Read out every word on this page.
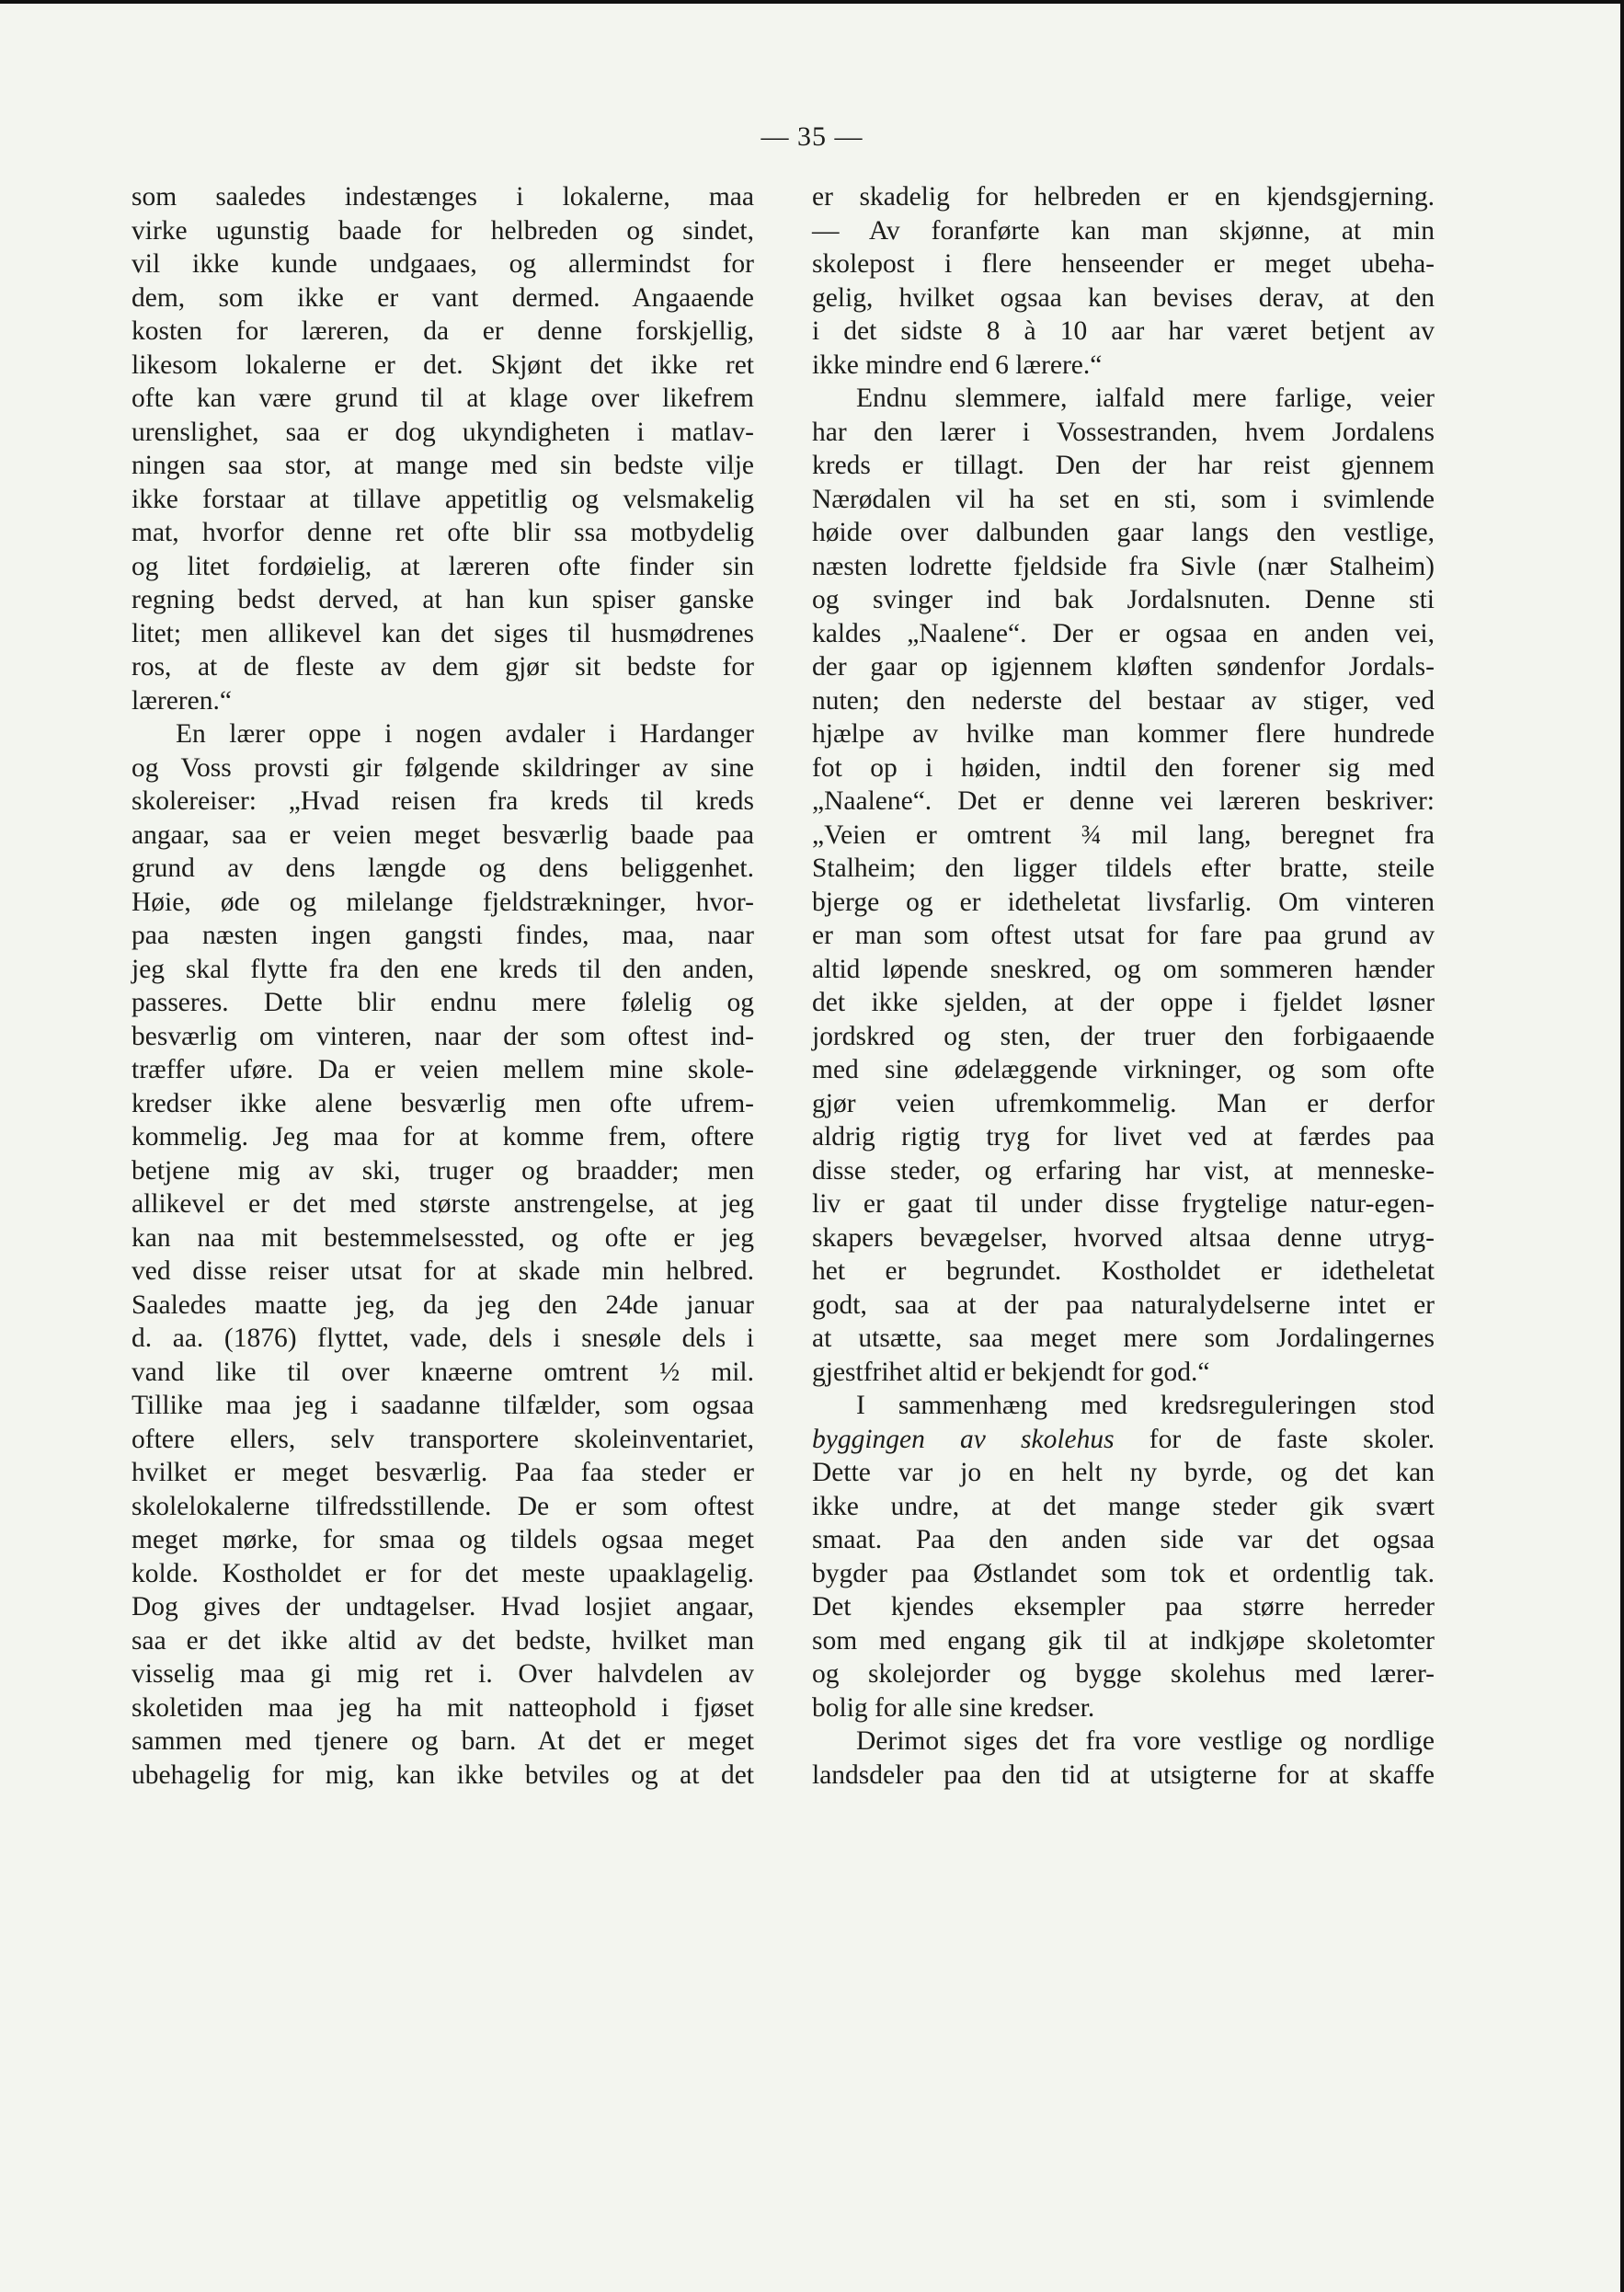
— 35 —
som saaledes indestænges i lokalerne, maa
virke ugunstig baade for helbreden og sindet,
vil ikke kunde undgaaes, og allermindst for
dem, som ikke er vant dermed. Angaaende
kosten for læreren, da er denne forskjellig,
likesom lokalerne er det. Skjønt det ikke ret
ofte kan være grund til at klage over likefrem
urenslighet, saa er dog ukyndigheten i matlav-
ningen saa stor, at mange med sin bedste vilje
ikke forstaar at tillave appetitlig og velsmakelig
mat, hvorfor denne ret ofte blir ssa motbydelig
og litet fordøielig, at læreren ofte finder sin
regning bedst derved, at han kun spiser ganske
litet; men allikevel kan det siges til husmødrenes
ros, at de fleste av dem gjør sit bedste for
læreren.“
En lærer oppe i nogen avdaler i Hardanger
og Voss provsti gir følgende skildringer av sine
skolereiser: „Hvad reisen fra kreds til kreds
angaar, saa er veien meget besværlig baade paa
grund av dens længde og dens beliggenhet.
Høie, øde og milelange fjeldstrækninger, hvor-
paa næsten ingen gangsti findes, maa, naar
jeg skal flytte fra den ene kreds til den anden,
passeres. Dette blir endnu mere følelig og
besværlig om vinteren, naar der som oftest ind-
træffer uføre. Da er veien mellem mine skole-
kredser ikke alene besværlig men ofte ufrem-
kommelig. Jeg maa for at komme frem, oftere
betjene mig av ski, truger og braadder; men
allikevel er det med største anstrengelse, at jeg
kan naa mit bestemmelsessted, og ofte er jeg
ved disse reiser utsat for at skade min helbred.
Saaledes maatte jeg, da jeg den 24de januar
d. aa. (1876) flyttet, vade, dels i snesøle dels i
vand like til over knæerne omtrent ½ mil.
Tillike maa jeg i saadanne tilfælder, som ogsaa
oftere ellers, selv transportere skoleinventariet,
hvilket er meget besværlig. Paa faa steder er
skolelokalerne tilfredsstillende. De er som oftest
meget mørke, for smaa og tildels ogsaa meget
kolde. Kostholdet er for det meste upaaklagelig.
Dog gives der undtagelser. Hvad losjiet angaar,
saa er det ikke altid av det bedste, hvilket man
visselig maa gi mig ret i. Over halvdelen av
skoletiden maa jeg ha mit natteophold i fjøset
sammen med tjenere og barn. At det er meget
ubehagelig for mig, kan ikke betviles og at det
er skadelig for helbreden er en kjendsgjerning.
— Av foranførte kan man skjønne, at min
skolepost i flere henseender er meget ubeha-
gelig, hvilket ogsaa kan bevises derav, at den
i det sidste 8 à 10 aar har været betjent av
ikke mindre end 6 lærere.“
Endnu slemmere, ialfald mere farlige, veier
har den lærer i Vossestranden, hvem Jordalens
kreds er tillagt. Den der har reist gjennem
Nærødalen vil ha set en sti, som i svimlende
høide over dalbunden gaar langs den vestlige,
næsten lodrette fjeldside fra Sivle (nær Stalheim)
og svinger ind bak Jordalsnuten. Denne sti
kaldes „Naalene“. Der er ogsaa en anden vei,
der gaar op igjennem kløften søndenfor Jordals-
nuten; den nederste del bestaar av stiger, ved
hjælpe av hvilke man kommer flere hundrede
fot op i høiden, indtil den forener sig med
„Naalene“. Det er denne vei læreren beskriver:
„Veien er omtrent ¾ mil lang, beregnet fra
Stalheim; den ligger tildels efter bratte, steile
bjerge og er idetheletat livsfarlig. Om vinteren
er man som oftest utsat for fare paa grund av
altid løpende sneskred, og om sommeren hænder
det ikke sjelden, at der oppe i fjeldet løsner
jordskred og sten, der truer den forbigaaende
med sine ødelæggende virkninger, og som ofte
gjør veien ufremkommelig. Man er derfor
aldrig rigtig tryg for livet ved at færdes paa
disse steder, og erfaring har vist, at menneske-
liv er gaat til under disse frygtelige natur-egen-
skapers bevægelser, hvorved altsaa denne utryg-
het er begrundet. Kostholdet er idetheletat
godt, saa at der paa naturalydelserne intet er
at utsætte, saa meget mere som Jordalingernes
gjestfrihet altid er bekjendt for god.“
I sammenhæng med kredsreguleringen stod
byggingen av skolehus for de faste skoler.
Dette var jo en helt ny byrde, og det kan
ikke undre, at det mange steder gik svært
smaat. Paa den anden side var det ogsaa
bygder paa Østlandet som tok et ordentlig tak.
Det kjendes eksempler paa større herreder
som med engang gik til at indkjøpe skoletomter
og skolejorder og bygge skolehus med lærer-
bolig for alle sine kredser.
Derimot siges det fra vore vestlige og nordlige
landsdeler paa den tid at utsigterne for at skaffe
